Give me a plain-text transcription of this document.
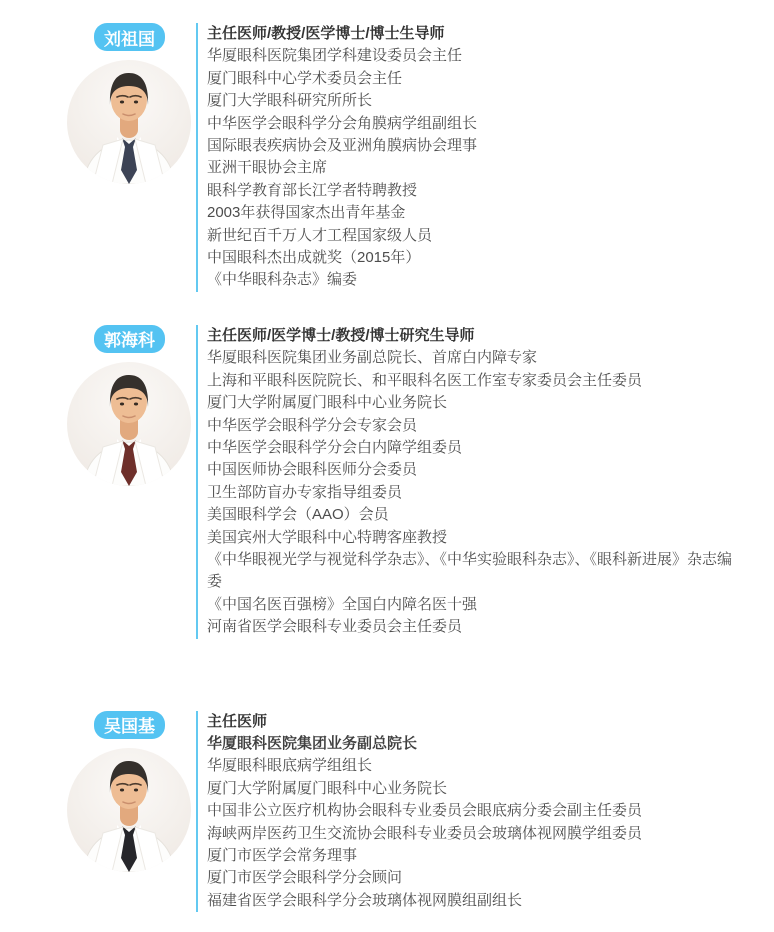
刘祖国	主任医师/教授/医学博士/博士生导师
华厦眼科医院集团学科建设委员会主任
厦门眼科中心学术委员会主任
厦门大学眼科研究所所长
中华医学会眼科学分会角膜病学组副组长
国际眼表疾病协会及亚洲角膜病协会理事
亚洲干眼协会主席
眼科学教育部长江学者特聘教授
2003年获得国家杰出青年基金
新世纪百千万人才工程国家级人员
中国眼科杰出成就奖（2015年）
《中华眼科杂志》编委
郭海科	主任医师/医学博士/教授/博士研究生导师
华厦眼科医院集团业务副总院长、首席白内障专家
上海和平眼科医院院长、和平眼科名医工作室专家委员会主任委员
厦门大学附属厦门眼科中心业务院长
中华医学会眼科学分会专家会员
中华医学会眼科学分会白内障学组委员
中国医师协会眼科医师分会委员
卫生部防盲办专家指导组委员
美国眼科学会（AAO）会员
美国宾州大学眼科中心特聘客座教授
《中华眼视光学与视觉科学杂志》、《中华实验眼科杂志》、《眼科新进展》杂志编委
《中国名医百强榜》全国白内障名医十强
河南省医学会眼科专业委员会主任委员
吴国基	主任医师
华厦眼科医院集团业务副总院长
华厦眼科眼底病学组组长
厦门大学附属厦门眼科中心业务院长
中国非公立医疗机构协会眼科专业委员会眼底病分委会副主任委员
海峡两岸医药卫生交流协会眼科专业委员会玻璃体视网膜学组委员
厦门市医学会常务理事
厦门市医学会眼科学分会顾问
福建省医学会眼科学分会玻璃体视网膜组副组长
